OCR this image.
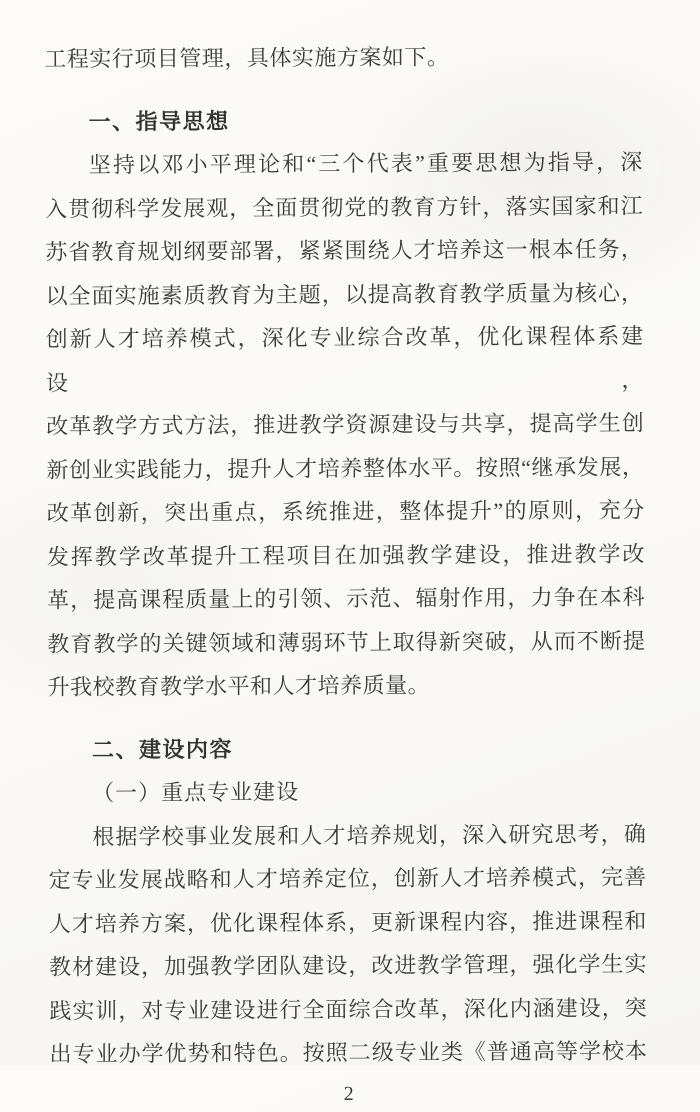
工程实行项目管理，具体实施方案如下。
一、指导思想
坚持以邓小平理论和“三个代表”重要思想为指导，深
入贯彻科学发展观，全面贯彻党的教育方针，落实国家和江
苏省教育规划纲要部署，紧紧围绕人才培养这一根本任务，
以全面实施素质教育为主题，以提高教育教学质量为核心，
创新人才培养模式，深化专业综合改革，优化课程体系建设，
改革教学方式方法，推进教学资源建设与共享，提高学生创
新创业实践能力，提升人才培养整体水平。按照“继承发展，
改革创新，突出重点，系统推进，整体提升”的原则，充分
发挥教学改革提升工程项目在加强教学建设，推进教学改
革，提高课程质量上的引领、示范、辐射作用，力争在本科
教育教学的关键领域和薄弱环节上取得新突破，从而不断提
升我校教育教学水平和人才培养质量。
二、建设内容
（一）重点专业建设
根据学校事业发展和人才培养规划，深入研究思考，确
定专业发展战略和人才培养定位，创新人才培养模式，完善
人才培养方案，优化课程体系，更新课程内容，推进课程和
教材建设，加强教学团队建设，改进教学管理，强化学生实
践实训，对专业建设进行全面综合改革，深化内涵建设，突
出专业办学优势和特色。按照二级专业类《普通高等学校本
2
